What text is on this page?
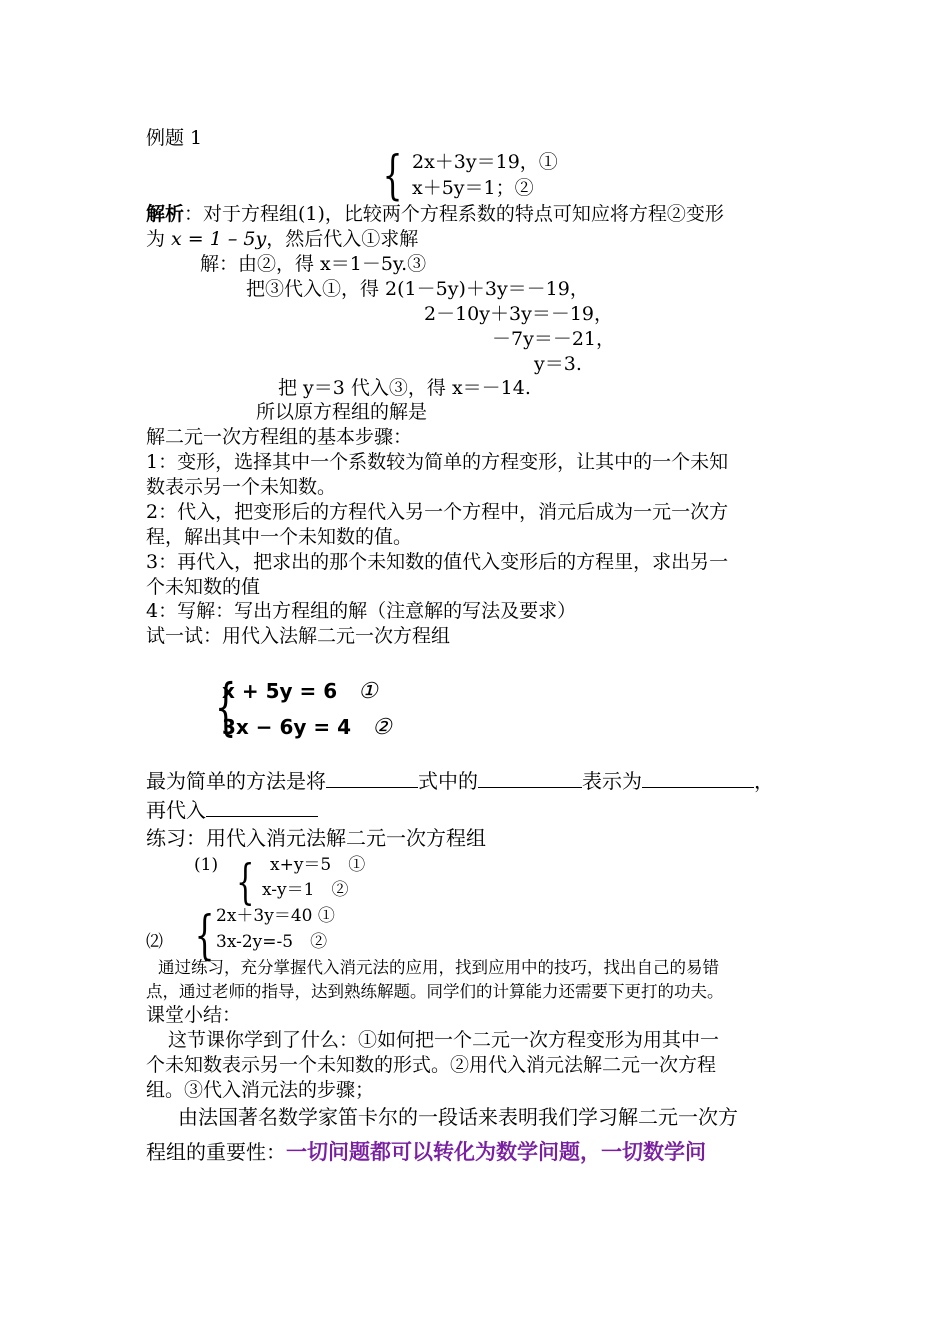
例题 1
{ 2x＋3y＝19，①
x＋5y＝1；②
解析：对于方程组(1)，比较两个方程系数的特点可知应将方程②变形
为 x = 1 – 5y，然后代入①求解
解：由②，得 x＝1－5y.③
把③代入①，得 2(1－5y)＋3y＝－19，
2－10y＋3y＝－19，
－7y＝－21，
y＝3.
把 y＝3 代入③，得 x＝－14.
所以原方程组的解是
解二元一次方程组的基本步骤：
1：变形，选择其中一个系数较为简单的方程变形，让其中的一个未知
数表示另一个未知数。
2：代入，把变形后的方程代入另一个方程中，消元后成为一元一次方
程，解出其中一个未知数的值。
3：再代入，把求出的那个未知数的值代入变形后的方程里，求出另一
个未知数的值
4：写解：写出方程组的解（注意解的写法及要求）
试一试：用代入法解二元一次方程组
{
x + 5y = 6 ①
3x − 6y = 4 ②
最为简单的方法是将	式中的	表示为	，
再代入
练习：用代入消元法解二元一次方程组
(1) { x+y＝5　①
x-y＝1　②
2x＋3y＝40 ①
⑵ { 3x-2y=-5　②
通过练习，充分掌握代入消元法的应用，找到应用中的技巧，找出自己的易错
点，通过老师的指导，达到熟练解题。同学们的计算能力还需要下更打的功夫。
课堂小结：
这节课你学到了什么：①如何把一个二元一次方程变形为用其中一
个未知数表示另一个未知数的形式。②用代入消元法解二元一次方程
组。③代入消元法的步骤；
由法国著名数学家笛卡尔的一段话来表明我们学习解二元一次方
程组的重要性：一切问题都可以转化为数学问题，一切数学问
